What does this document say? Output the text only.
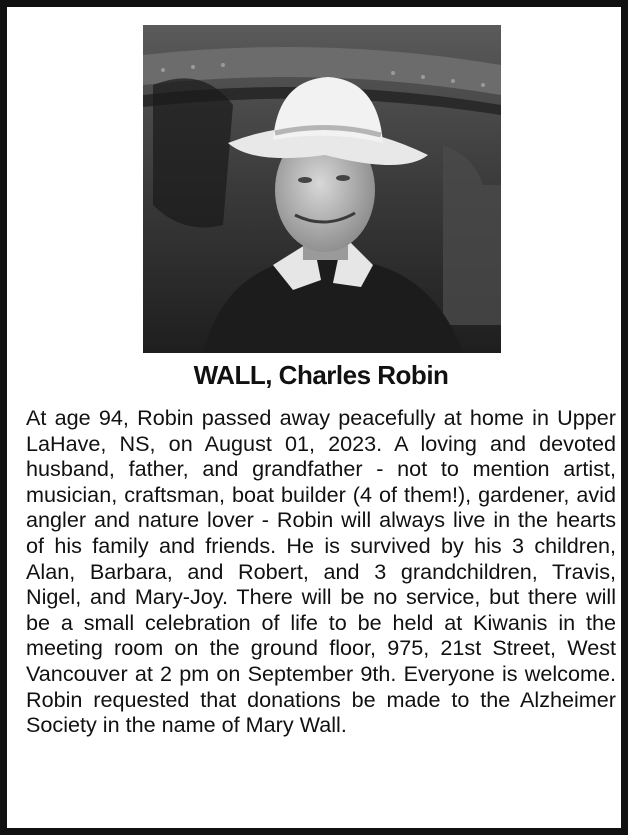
WALL, Charles Robin

At age 94, Robin passed away peacefully at home in Upper LaHave, NS, on August 01, 2023. A loving and devoted husband, father, and grandfather - not to mention artist, musician, craftsman, boat builder (4 of them!), gardener, avid angler and nature lover - Robin will always live in the hearts of his family and friends. He is survived by his 3 children, Alan, Barbara, and Robert, and 3 grandchildren, Travis, Nigel, and Mary-Joy. There will be no service, but there will be a small celebration of life to be held at Kiwanis in the meeting room on the ground floor, 975, 21st Street, West Vancouver at 2 pm on September 9th. Everyone is welcome. Robin requested that donations be made to the Alzheimer Society in the name of Mary Wall.
